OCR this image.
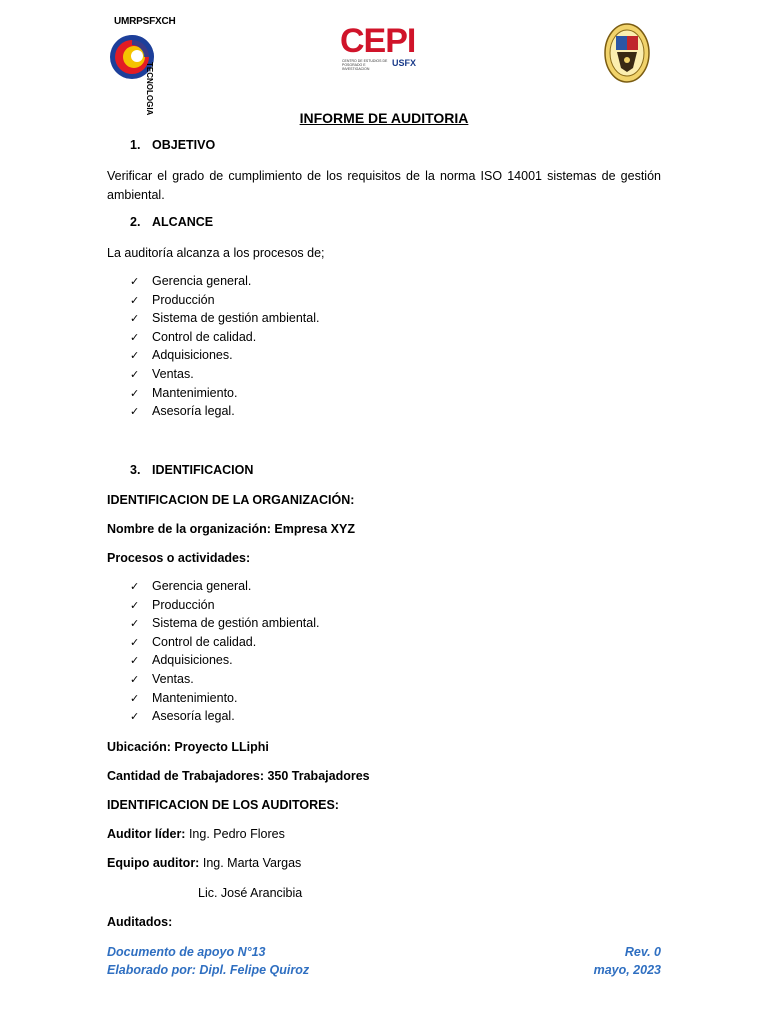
UMRPSFXCH
TECNOLOGIA
CEPI
CENTRO DE ESTUDIOS DE POSGRADO E INVESTIGACION
USFX
INFORME DE AUDITORIA
1. OBJETIVO
Verificar el grado de cumplimiento de los requisitos de la norma ISO 14001 sistemas de gestión ambiental.
2. ALCANCE
La auditoría alcanza a los procesos de;
✓ Gerencia general.
✓ Producción
✓ Sistema de gestión ambiental.
✓ Control de calidad.
✓ Adquisiciones.
✓ Ventas.
✓ Mantenimiento.
✓ Asesoría legal.
3. IDENTIFICACION
IDENTIFICACION DE LA ORGANIZACIÓN:
Nombre de la organización: Empresa XYZ
Procesos o actividades:
✓ Gerencia general.
✓ Producción
✓ Sistema de gestión ambiental.
✓ Control de calidad.
✓ Adquisiciones.
✓ Ventas.
✓ Mantenimiento.
✓ Asesoría legal.
Ubicación: Proyecto LLiphi
Cantidad de Trabajadores: 350 Trabajadores
IDENTIFICACION DE LOS AUDITORES:
Auditor líder: Ing. Pedro Flores
Equipo auditor: Ing. Marta Vargas
Lic. José Arancibia
Auditados:
Documento de apoyo N°13
Elaborado por: Dipl. Felipe Quiroz
Rev. 0
mayo, 2023
